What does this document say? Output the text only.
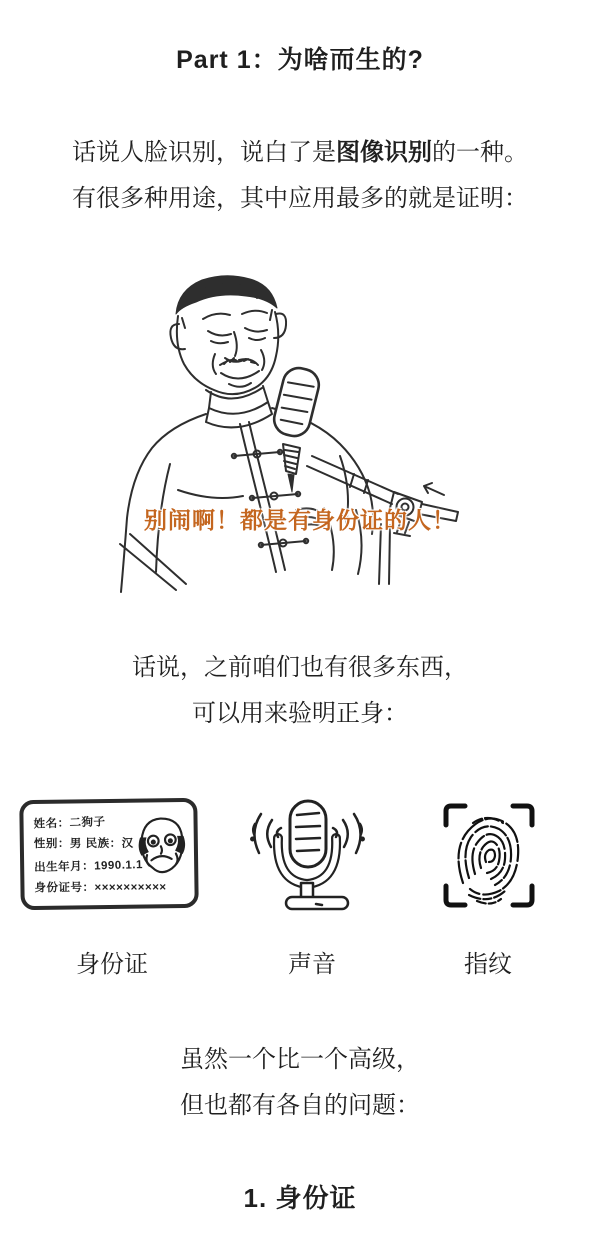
Part 1：为啥而生的?
话说人脸识别，说白了是图像识别的一种。
有很多种用途，其中应用最多的就是证明：
别闹啊！都是有身份证的人！
话说，之前咱们也有很多东西，
可以用来验明正身：
姓名：二狗子
性别：男 民族：汉
出生年月：1990.1.1
身份证号：××××××××××
身份证	声音	指纹
虽然一个比一个高级，
但也都有各自的问题：
1. 身份证
